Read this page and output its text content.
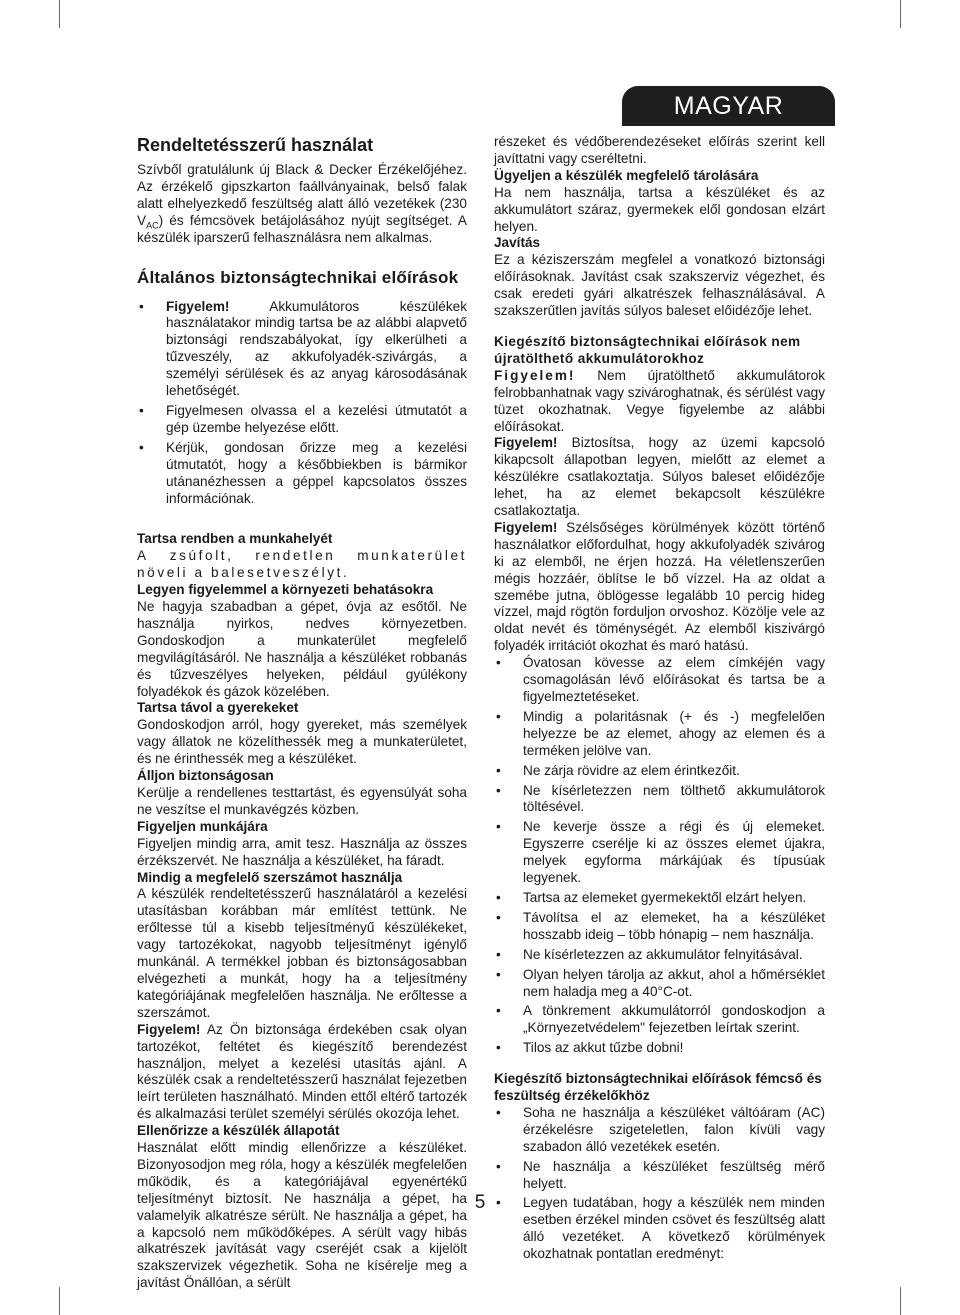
MAGYAR
Rendeltetésszerű használat

Szívből gratulálunk új Black & Decker Érzékelőjéhez. Az érzékelő gipszkarton faállványainak, belső falak alatt elhelyezkedő feszültség alatt álló vezetékek (230 $V_{AC}$) és fémcsövek betájolásához nyújt segítséget. A készülék iparszerű felhasználásra nem alkalmas.

Általános biztonságtechnikai előírások
• Figyelem! Akkumulátoros készülékek használatakor mindig tartsa be az alábbi alapvető biztonsági rendszabályokat, így elkerülheti a tűzveszély, az akkufolyadék-szivárgás, a személyi sérülések és az anyag károsodásának lehetőségét.
• Figyelmesen olvassa el a kezelési útmutatót a gép üzembe helyezése előtt.
• Kérjük, gondosan őrizze meg a kezelési útmutatót, hogy a későbbiekben is bármikor utánanézhessen a géppel kapcsolatos összes információnak.
Tartsa rendben a munkahelyét

A zsúfolt, rendetlen munkaterület növeli a balesetveszélyt.

Legyen figyelemmel a környezeti behatásokra

Ne hagyja szabadban a gépet, óvja az esőtől. Ne használja nyirkos, nedves környezetben. Gondoskodjon a munkaterület megfelelő megvilágításáról. Ne használja a készüléket robbanás és tűzveszélyes helyeken, például gyúlékony folyadékok és gázok közelében.

Tartsa távol a gyerekeket

Gondoskodjon arról, hogy gyereket, más személyek vagy állatok ne közelíthessék meg a munkaterületet, és ne érinthessék meg a készüléket.

Álljon biztonságosan

Kerülje a rendellenes testtartást, és egyensúlyát soha ne veszítse el munkavégzés közben.

Figyeljen munkájára

Figyeljen mindig arra, amit tesz. Használja az összes érzékszervét. Ne használja a készüléket, ha fáradt.

Mindig a megfelelő szerszámot használja

A készülék rendeltetésszerű használatáról a kezelési utasításban korábban már említést tettünk. Ne erőltesse túl a kisebb teljesítményű készülékeket, vagy tartozékokat, nagyobb teljesítményt igénylő munkánál. A termékkel jobban és biztonságosabban elvégezheti a munkát, hogy ha a teljesítmény kategóriájának megfelelően használja. Ne erőltesse a szerszámot.

Figyelem! Az Ön biztonsága érdekében csak olyan tartozékot, feltétet és kiegészítő berendezést használjon, melyet a kezelési utasítás ajánl. A készülék csak a rendeltetésszerű használat fejezetben leírt területen használható. Minden ettől eltérő tartozék és alkalmazási terület személyi sérülés okozója lehet.

Ellenőrizze a készülék állapotát

Használat előtt mindig ellenőrizze a készüléket. Bizonyosodjon meg róla, hogy a készülék megfelelően működik, és a kategóriájával egyenértékű teljesítményt biztosít. Ne használja a gépet, ha valamelyik alkatrésze sérült. Ne használja a gépet, ha a kapcsoló nem működőképes. A sérült vagy hibás alkatrészek javítását vagy cseréjét csak a kijelölt szakszervizek végezhetik. Soha ne kísérelje meg a javítást Önállóan, a sérült

részeket és védőberendezéseket előírás szerint kell javíttatni vagy cseréltetni.

Ügyeljen a készülék megfelelő tárolására

Ha nem használja, tartsa a készüléket és az akkumulátort száraz, gyermekek elől gondosan elzárt helyen.

Javítás

Ez a kéziszerszám megfelel a vonatkozó biztonsági előírásoknak. Javítást csak szakszerviz végezhet, és csak eredeti gyári alkatrészek felhasználásával. A szakszerűtlen javítás súlyos baleset előidézője lehet.

Kiegészítő biztonságtechnikai előírások nem újratölthető akkumulátorokhoz

Figyelem! Nem újratölthető akkumulátorok felrobbanhatnak vagy szivároghatnak, és sérülést vagy tüzet okozhatnak. Vegye figyelembe az alábbi előírásokat.

Figyelem! Biztosítsa, hogy az üzemi kapcsoló kikapcsolt állapotban legyen, mielőtt az elemet a készülékre csatlakoztatja. Súlyos baleset előidézője lehet, ha az elemet bekapcsolt készülékre csatlakoztatja.

Figyelem! Szélsőséges körülmények között történő használatkor előfordulhat, hogy akkufolyadék szivárog ki az elemből, ne érjen hozzá. Ha véletlenszerűen mégis hozzáér, öblítse le bő vízzel. Ha az oldat a szemébe jutna, öblögesse legalább 10 percig hideg vízzel, majd rögtön forduljon orvoshoz. Közölje vele az oldat nevét és töménységét. Az elemből kiszivárgó folyadék irritációt okozhat és maró hatású.

• Óvatosan kövesse az elem címkéjén vagy csomagolásán lévő előírásokat és tartsa be a figyelmeztetéseket.
• Mindig a polaritásnak (+ és -) megfelelően helyezze be az elemet, ahogy az elemen és a terméken jelölve van.
• Ne zárja rövidre az elem érintkezőit.
• Ne kísérletezzen nem tölthető akkumulátorok töltésével.
• Ne keverje össze a régi és új elemeket. Egyszerre cserélje ki az összes elemet újakra, melyek egyforma márkájúak és típusúak legyenek.
• Tartsa az elemeket gyermekektől elzárt helyen.
• Távolítsa el az elemeket, ha a készüléket hosszabb ideig – több hónapig – nem használja.
• Ne kísérletezzen az akkumulátor felnyitásával.
• Olyan helyen tárolja az akkut, ahol a hőmérséklet nem haladja meg a 40°C-ot.
• A tönkrement akkumulátorról gondoskodjon a „Környezetvédelem" fejezetben leírtak szerint.
• Tilos az akkut tűzbe dobni!
Kiegészítő biztonságtechnikai előírások fémcső és feszültség érzékelőkhöz
• Soha ne használja a készüléket váltóáram (AC) érzékelésre szigeteletlen, falon kívüli vagy szabadon álló vezetékek esetén.
• Ne használja a készüléket feszültség mérő helyett.
• Legyen tudatában, hogy a készülék nem minden esetben érzékel minden csövet és feszültség alatt álló vezetéket. A következő körülmények okozhatnak pontatlan eredményt:
5
